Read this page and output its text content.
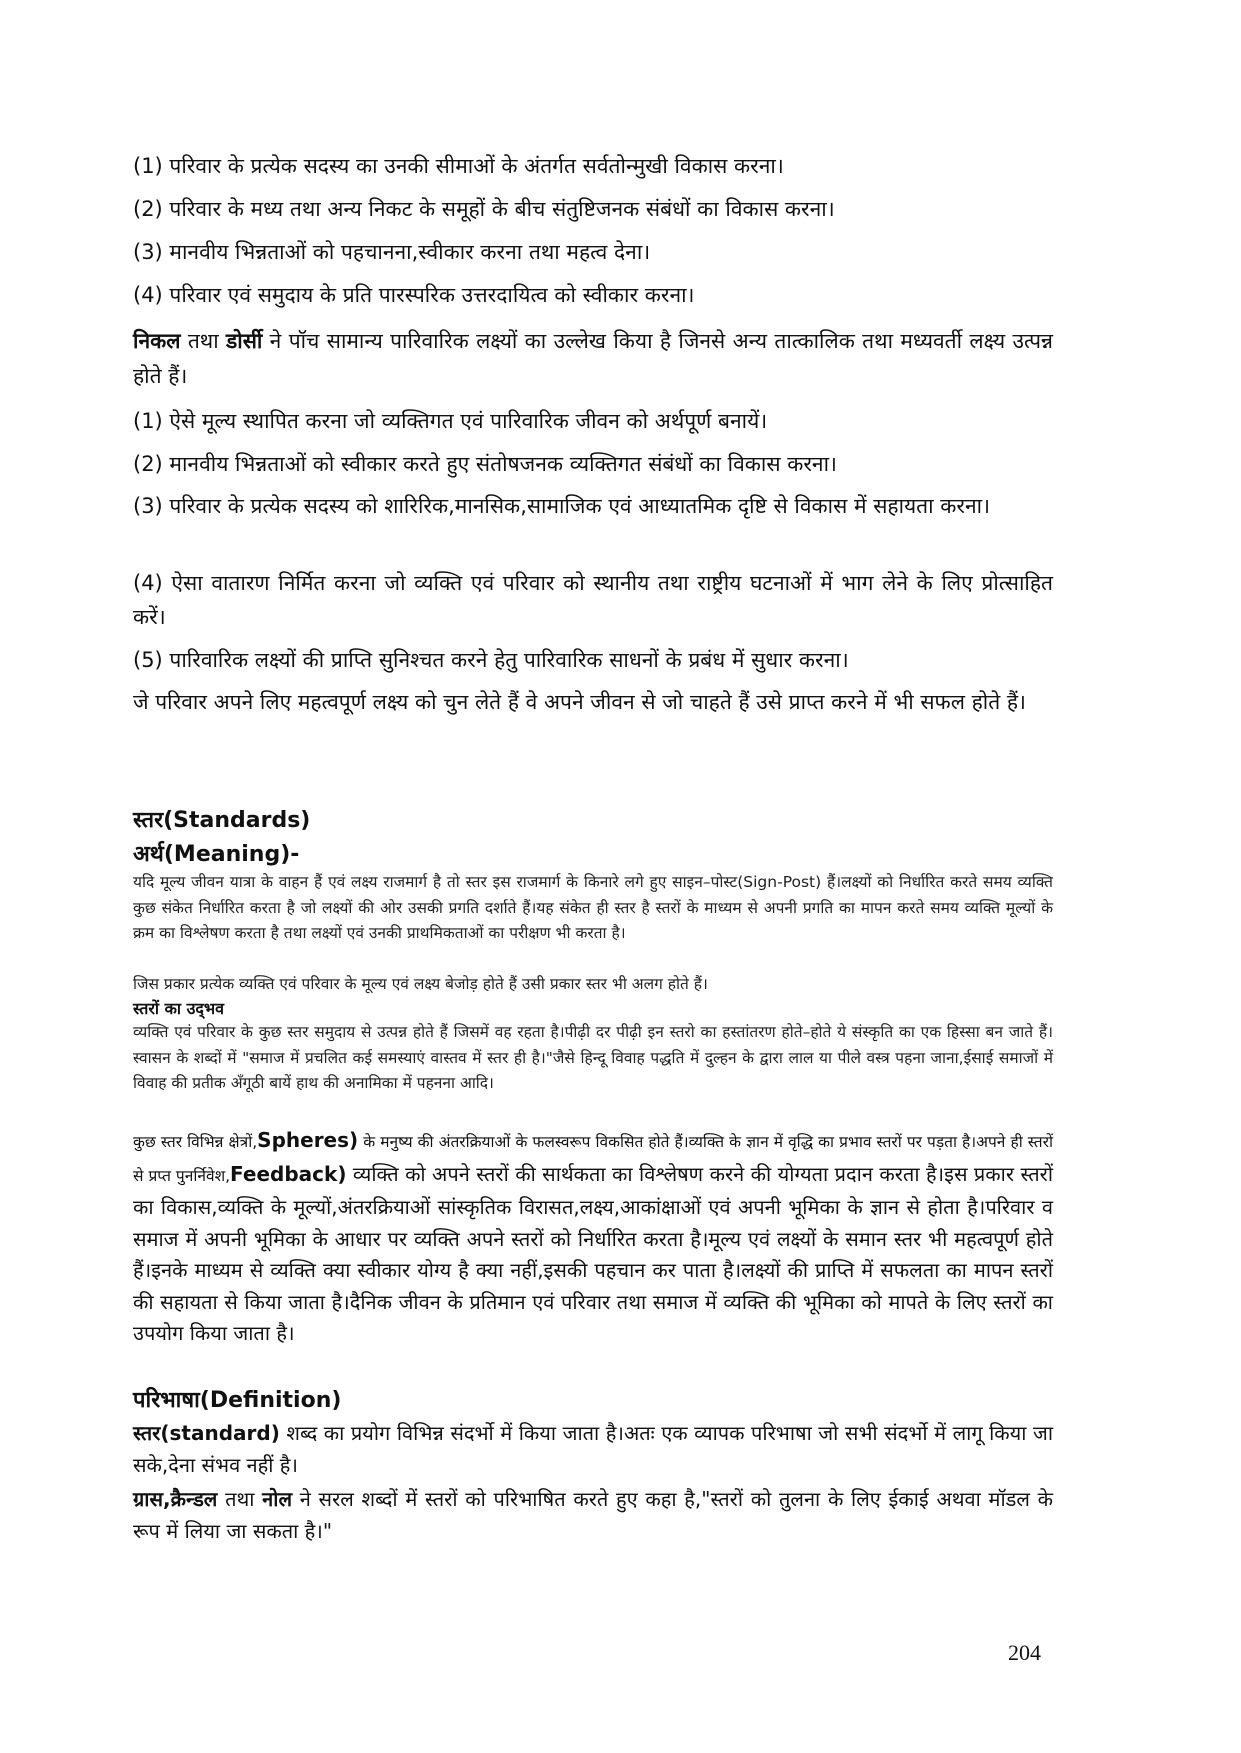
(1) परिवार के प्रत्येक सदस्य का उनकी सीमाओं के अंतर्गत सर्वतोन्मुखी विकास करना।

(2) परिवार के मध्य तथा अन्य निकट के समूहों के बीच संतुष्टिजनक संबंधों का विकास करना।

(3) मानवीय भिन्नताओं को पहचानना,स्वीकार करना तथा महत्व देना।

(4) परिवार एवं समुदाय के प्रति पारस्परिक उत्तरदायित्व को स्वीकार करना।

निकल तथा डोर्सी ने पॉच सामान्य पारिवारिक लक्ष्यों का उल्लेख किया है जिनसे अन्य तात्कालिक तथा मध्यवर्ती लक्ष्य उत्पन्न होते हैं।

(1) ऐसे मूल्य स्थापित करना जो व्यक्तिगत एवं पारिवारिक जीवन को अर्थपूर्ण बनायें।

(2) मानवीय भिन्नताओं को स्वीकार करते हुए संतोषजनक व्यक्तिगत संबंधों का विकास करना।

(3) परिवार के प्रत्येक सदस्य को शारिरिक,मानसिक,सामाजिक एवं आध्यातमिक दृष्टि से विकास में सहायता करना।

(4) ऐसा वातारण निर्मित करना जो व्यक्ति एवं परिवार को स्थानीय तथा राष्ट्रीय घटनाओं में भाग लेने के लिए प्रोत्साहित करें।

(5) पारिवारिक लक्ष्यों की प्राप्ति सुनिश्चत करने हेतु पारिवारिक साधनों के प्रबंध में सुधार करना।

जे परिवार अपने लिए महत्वपूर्ण लक्ष्य को चुन लेते हैं वे अपने जीवन से जो चाहते हैं उसे प्राप्त करने में भी सफल होते हैं।

स्तर(Standards)
अर्थ(Meaning)-

यदि मूल्य जीवन यात्रा के वाहन हैं एवं लक्ष्य राजमार्ग है तो स्तर इस राजमार्ग के किनारे लगे हुए साइन–पोस्ट(Sign-Post) हैं।लक्ष्यों को निर्धारित करते समय व्यक्ति कुछ संकेत निर्धारित करता है जो लक्ष्यों की ओर उसकी प्रगति दर्शाते हैं।यह संकेत ही स्तर है स्तरों के माध्यम से अपनी प्रगति का मापन करते समय व्यक्ति मूल्यों के क्रम का विश्लेषण करता है तथा लक्ष्यों एवं उनकी प्राथमिकताओं का परीक्षण भी करता है।

जिस प्रकार प्रत्येक व्यक्ति एवं परिवार के मूल्य एवं लक्ष्य बेजोड़ होते हैं उसी प्रकार स्तर भी अलग होते हैं।

स्तरों का उद्‌भव

व्यक्ति एवं परिवार के कुछ स्तर समुदाय से उत्पन्न होते हैं जिसमें वह रहता है।पीढ़ी दर पीढ़ी इन स्तरो का हस्तांतरण होते–होते ये संस्कृति का एक हिस्सा बन जाते हैं।स्वासन के शब्दों में "समाज में प्रचलित कई समस्याएं वास्तव में स्तर ही है।"जैसे हिन्दू विवाह पद्धति में दुल्हन के द्वारा लाल या पीले वस्त्र पहना जाना,ईसाई समाजों में विवाह की प्रतीक अँगूठी बायें हाथ की अनामिका में पहनना आदि।

कुछ स्तर विभिन्न क्षेत्रों,Spheres) के मनुष्य की अंतरक्रियाओं के फलस्वरूप विकसित होते हैं।व्यक्ति के ज्ञान में वृद्धि का प्रभाव स्तरों पर पड़ता है।अपने ही स्तरों से प्रप्त पुनर्निवेश,Feedback) व्यक्ति को अपने स्तरों की सार्थकता का विश्लेषण करने की योग्यता प्रदान करता है।इस प्रकार स्तरों का विकास,व्यक्ति के मूल्यों,अंतरक्रियाओं सांस्कृतिक विरासत,लक्ष्य,आकांक्षाओं एवं अपनी भूमिका के ज्ञान से होता है।परिवार व समाज में अपनी भूमिका के आधार पर व्यक्ति अपने स्तरों को निर्धारित करता है।मूल्य एवं लक्ष्यों के समान स्तर भी महत्वपूर्ण होते हैं।इनके माध्यम से व्यक्ति क्या स्वीकार योग्य है क्या नहीं,इसकी पहचान कर पाता है।लक्ष्यों की प्राप्ति में सफलता का मापन स्तरों की सहायता से किया जाता है।दैनिक जीवन के प्रतिमान एवं परिवार तथा समाज में व्यक्ति की भूमिका को मापते के लिए स्तरों का उपयोग किया जाता है।

परिभाषा(Definition)

स्तर(standard) शब्द का प्रयोग विभिन्न संदर्भो में किया जाता है।अतः एक व्यापक परिभाषा जो सभी संदर्भो में लागू किया जा सके,देना संभव नहीं है।

ग्रास,क्रैन्डल तथा नोल ने सरल शब्दों में स्तरों को परिभाषित करते हुए कहा है,"स्तरों को तुलना के लिए ईकाई अथवा मॉडल के रूप में लिया जा सकता है।"

204
